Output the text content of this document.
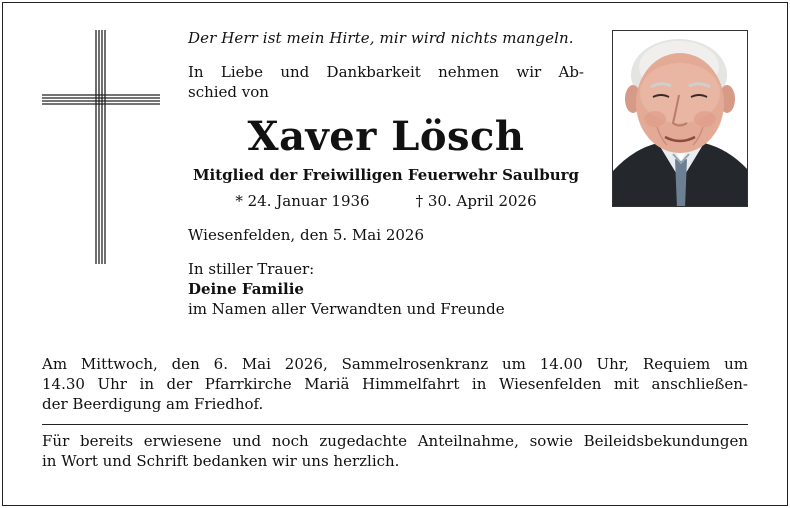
Der Herr ist mein Hirte, mir wird nichts mangeln.
In Liebe und Dankbarkeit nehmen wir Ab-
schied von
Xaver Lösch
Mitglied der Freiwilligen Feuerwehr Saulburg
* 24. Januar 1936	† 30. April 2026
Wiesenfelden, den 5. Mai 2026
In stiller Trauer:
Deine Familie
im Namen aller Verwandten und Freunde
Am Mittwoch, den 6. Mai 2026, Sammelrosenkranz um 14.00 Uhr, Requiem um
14.30 Uhr in der Pfarrkirche Mariä Himmelfahrt in Wiesenfelden mit anschließen-
der Beerdigung am Friedhof.
Für bereits erwiesene und noch zugedachte Anteilnahme, sowie Beileidsbekundungen
in Wort und Schrift bedanken wir uns herzlich.
